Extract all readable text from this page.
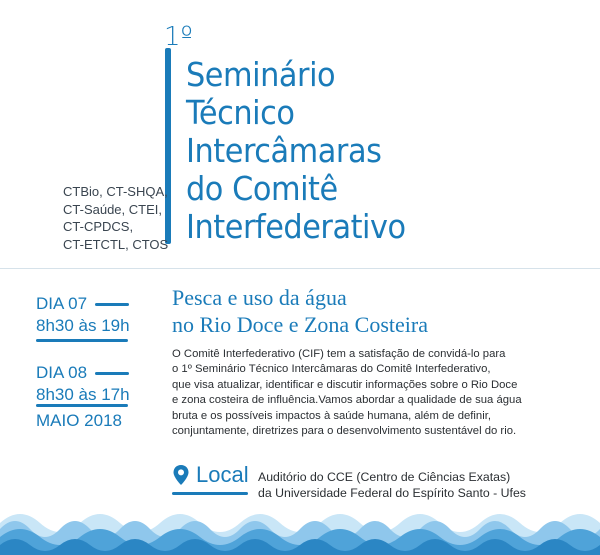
1º
Seminário
Técnico
Intercâmaras
do Comitê
Interfederativo
CTBio, CT-SHQA,
CT-Saúde, CTEI,
CT-CPDCS,
CT-ETCTL, CTOS
DIA 07
8h30 às 19h
DIA 08
8h30 às 17h
MAIO 2018
Pesca e uso da água
no Rio Doce e Zona Costeira
O Comitê Interfederativo (CIF) tem a satisfação de convidá-lo para
o 1º Seminário Técnico Intercâmaras do Comitê Interfederativo,
que visa atualizar, identificar e discutir informações sobre o Rio Doce
e zona costeira de influência.Vamos abordar a qualidade de sua água
bruta e os possíveis impactos à saúde humana, além de definir,
conjuntamente, diretrizes para o desenvolvimento sustentável do rio.
Local Auditório do CCE (Centro de Ciências Exatas)
da Universidade Federal do Espírito Santo - Ufes
